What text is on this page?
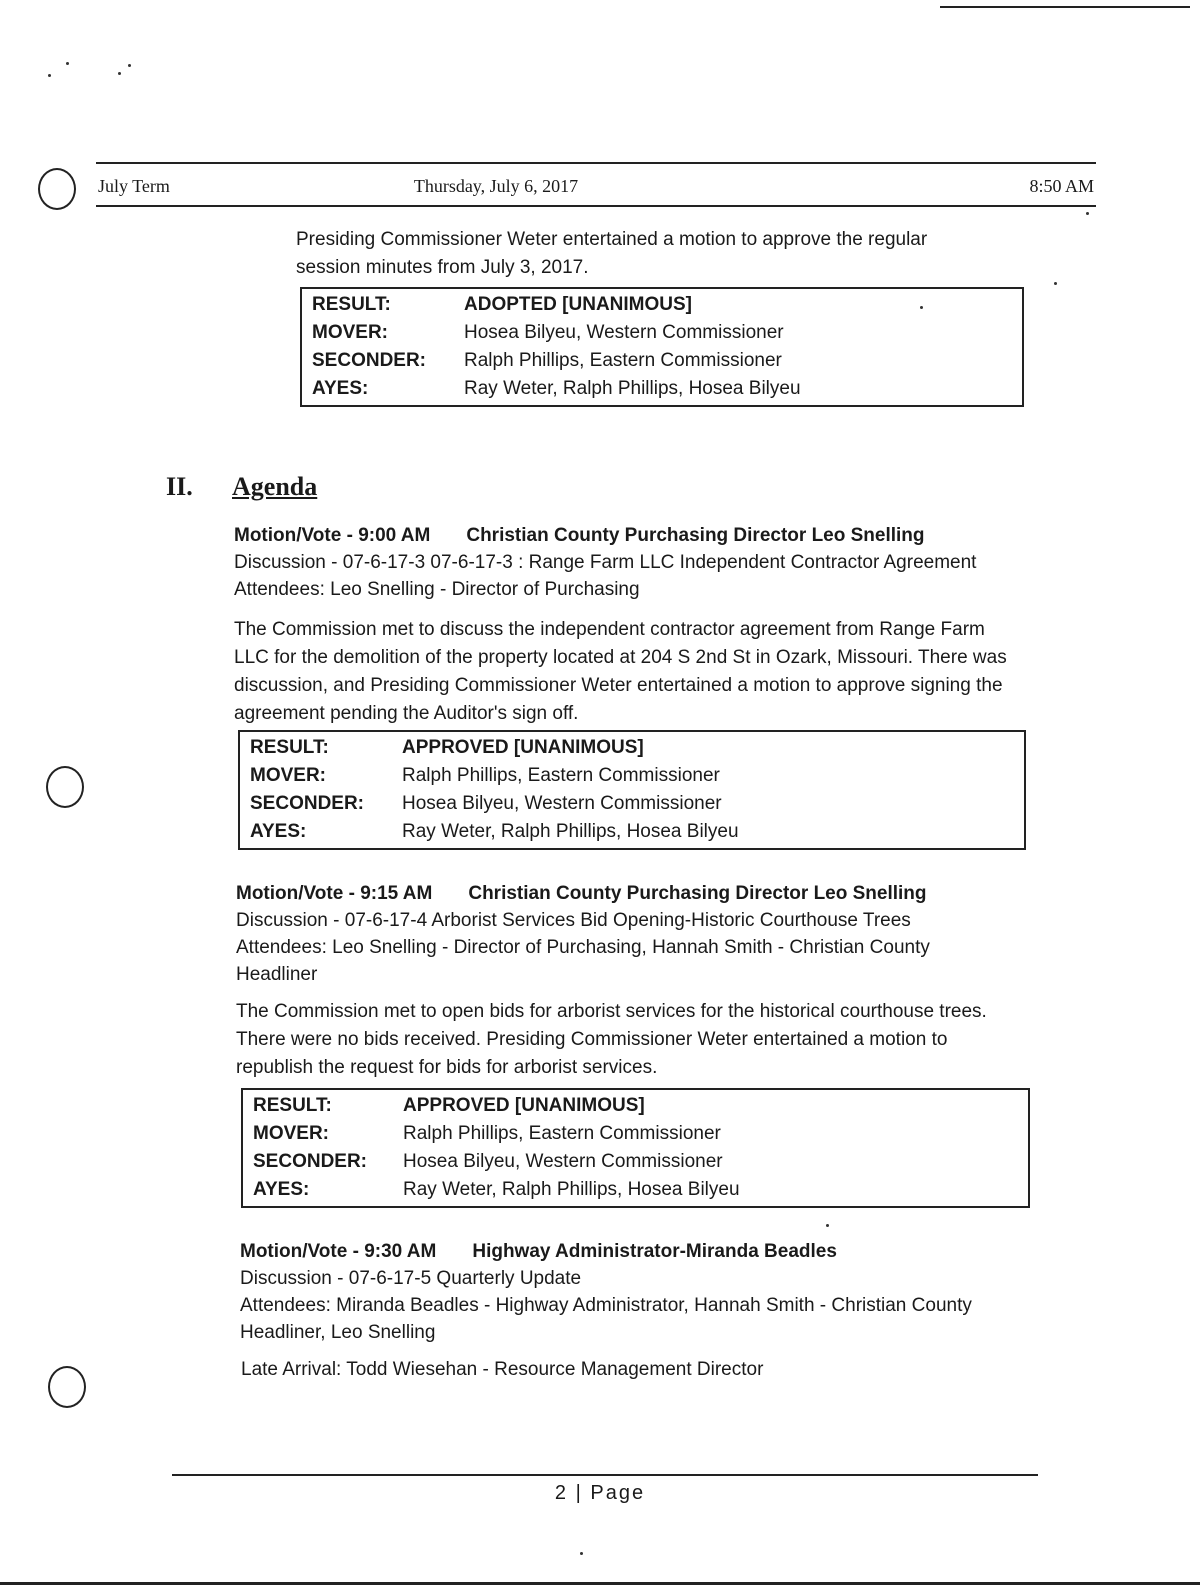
July Term	Thursday, July 6, 2017	8:50 AM

Presiding Commissioner Weter entertained a motion to approve the regular session minutes from July 3, 2017.

RESULT:	ADOPTED [UNANIMOUS]
MOVER:	Hosea Bilyeu, Western Commissioner
SECONDER:	Ralph Phillips, Eastern Commissioner
AYES:	Ray Weter, Ralph Phillips, Hosea Bilyeu
II. Agenda
Motion/Vote - 9:00 AM Christian County Purchasing Director Leo Snelling
Discussion - 07-6-17-3 07-6-17-3 : Range Farm LLC Independent Contractor Agreement
Attendees: Leo Snelling - Director of Purchasing

The Commission met to discuss the independent contractor agreement from Range Farm LLC for the demolition of the property located at 204 S 2nd St in Ozark, Missouri. There was discussion, and Presiding Commissioner Weter entertained a motion to approve signing the agreement pending the Auditor's sign off.

RESULT:	APPROVED [UNANIMOUS]
MOVER:	Ralph Phillips, Eastern Commissioner
SECONDER:	Hosea Bilyeu, Western Commissioner
AYES:	Ray Weter, Ralph Phillips, Hosea Bilyeu
Motion/Vote - 9:15 AM Christian County Purchasing Director Leo Snelling
Discussion - 07-6-17-4 Arborist Services Bid Opening-Historic Courthouse Trees
Attendees: Leo Snelling - Director of Purchasing, Hannah Smith - Christian County Headliner

The Commission met to open bids for arborist services for the historical courthouse trees. There were no bids received. Presiding Commissioner Weter entertained a motion to republish the request for bids for arborist services.

RESULT:	APPROVED [UNANIMOUS]
MOVER:	Ralph Phillips, Eastern Commissioner
SECONDER:	Hosea Bilyeu, Western Commissioner
AYES:	Ray Weter, Ralph Phillips, Hosea Bilyeu
Motion/Vote - 9:30 AM Highway Administrator-Miranda Beadles
Discussion - 07-6-17-5 Quarterly Update
Attendees: Miranda Beadles - Highway Administrator, Hannah Smith - Christian County Headliner, Leo Snelling
Late Arrival: Todd Wiesehan - Resource Management Director
2 | Page
